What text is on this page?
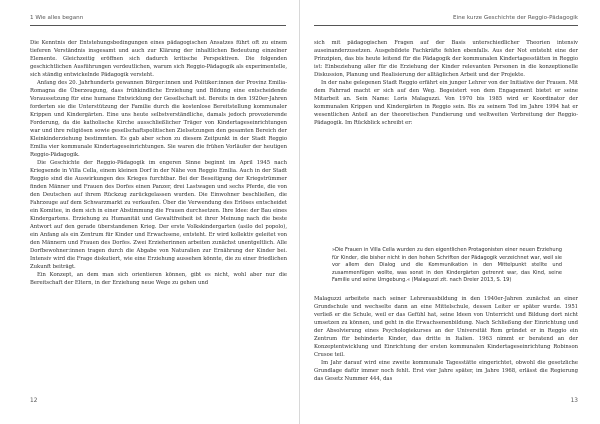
1 Wie alles begann

Die Kenntnis der Entstehungsbedingungen eines pädagogischen Ansatzes führt oft zu einem tieferen Verständnis insgesamt und auch zur Klärung der inhaltlichen Bedeutung einzelner Elemente. Gleichzeitig eröffnen sich dadurch kritische Perspektiven. Die folgenden geschichtlichen Ausführungen verdeutlichen, warum sich Reggio-Pädagogik als experimentelle, sich ständig entwickelnde Pädagogik versteht.

Anfang des 20. Jahrhunderts gewannen Bürger:innen und Politiker:innen der Provinz Emilia-Romagna die Überzeugung, dass frühkindliche Erziehung und Bildung eine entscheidende Voraussetzung für eine humane Entwicklung der Gesellschaft ist. Bereits in den 1920er-Jahren forderten sie die Unterstützung der Familie durch die kostenlose Bereitstellung kommunaler Krippen und Kindergärten. Eine uns heute selbstverständliche, damals jedoch provozierende Forderung, da die katholische Kirche ausschließlicher Träger von Kindertageseinrichtungen war und ihre religiösen sowie gesellschaftspolitischen Zielsetzungen den gesamten Bereich der Kleinkinderziehung bestimmten. Es gab aber schon zu diesem Zeitpunkt in der Stadt Reggio Emilia vier kommunale Kindertageseinrichtungen. Sie waren die frühen Vorläufer der heutigen Reggio-Pädagogik.

Die Geschichte der Reggio-Pädagogik im engeren Sinne beginnt im April 1945 nach Kriegsende in Villa Cella, einem kleinen Dorf in der Nähe von Reggio Emilia. Auch in der Stadt Reggio sind die Auswirkungen des Krieges furchtbar. Bei der Beseitigung der Kriegstrümmer finden Männer und Frauen des Dorfes einen Panzer, drei Lastwagen und sechs Pferde, die von den Deutschen auf ihrem Rückzug zurückgelassen wurden. Die Einwohner beschließen, die Fahrzeuge auf dem Schwarzmarkt zu verkaufen. Über die Verwendung des Erlöses entscheidet ein Komitee, in dem sich in einer Abstimmung die Frauen durchsetzen. Ihre Idee: der Bau eines Kindergartens. Erziehung zu Humanität und Gewaltfreiheit ist ihrer Meinung nach die beste Antwort auf den gerade überstandenen Krieg. Der erste Volkskindergarten (asilo del popolo), ein Anfang als ein Zentrum für Kinder und Erwachsene, entsteht. Er wird kollektiv geleitet von den Männern und Frauen des Dorfes. Zwei Erzieherinnen arbeiten zunächst unentgeltlich. Alle Dorfbewohner:innen tragen durch die Abgabe von Naturalien zur Ernährung der Kinder bei. Intensiv wird die Frage diskutiert, wie eine Erziehung aussehen könnte, die zu einer friedlichen Zukunft beiträgt.

Ein Konzept, an dem man sich orientieren können, gibt es nicht, wohl aber nur die Bereitschaft der Eltern, in der Erziehung neue Wege zu gehen und

12
Eine kurze Geschichte der Reggio-Pädagogik

sich mit pädagogischen Fragen auf der Basis unterschiedlicher Theorien intensiv auseinanderzusetzen. Ausgebildete Fachkräfte fehlen ebenfalls. Aus der Not entsteht eine der Prinzipien, das bis heute leitend für die Pädagogik der kommunalen Kindertagesstätten in Reggio ist: Einbeziehung aller für die Erziehung der Kinder relevanten Personen in die konzeptionelle Diskussion, Planung und Realisierung der alltäglichen Arbeit und der Projekte.

In der nahe gelegenen Stadt Reggio erfährt ein junger Lehrer von der Initiative der Frauen. Mit dem Fahrrad macht er sich auf den Weg. Begeistert von dem Engagement bietet er seine Mitarbeit an. Sein Name: Loris Malaguzzi. Von 1970 bis 1985 wird er Koordinator der kommunalen Krippen und Kindergärten in Reggio sein. Bis zu seinem Tod im Jahre 1994 hat er wesentlichen Anteil an der theoretischen Fundierung und weltweiten Verbreitung der Reggio-Pädagogik. Im Rückblick schreibt er:

»Die Frauen in Villa Cella wurden zu den eigentlichen Protagonisten einer neuen Erziehung für Kinder, die bisher nicht in den hohen Schriften der Pädagogik verzeichnet war, weil sie vor allem den Dialog und die Kommunikation in den Mittelpunkt stellte und zusammenfügen wollte, was sonst in den Kindergärten getrennt war, das Kind, seine Familie und seine Umgebung.« (Malaguzzi zit. nach Dreier 2013, S. 19)

Malaguzzi arbeitete nach seiner Lehrerausbildung in den 1940er-Jahren zunächst an einer Grundschule und wechselte dann an eine Mittelschule, dessen Leiter er später wurde. 1951 verließ er die Schule, weil er das Gefühl hat, seine Ideen von Unterricht und Bildung dort nicht umsetzen zu können, und geht in die Erwachsenenbildung. Nach Schließung der Einrichtung und der Absolvierung eines Psychologiekurses an der Universität Rom gründet er in Reggio ein Zentrum für behinderte Kinder, das dritte in Italien. 1963 nimmt er beratend an der Konzeptentwicklung und Einrichtung der ersten kommunalen Kindertageseinrichtung Robinson Crusoe teil.

Im Jahr darauf wird eine zweite kommunale Tagesstätte eingerichtet, obwohl die gesetzliche Grundlage dafür immer noch fehlt. Erst vier Jahre später, im Jahre 1968, erlässt die Regierung das Gesetz Nummer 444, das

13
